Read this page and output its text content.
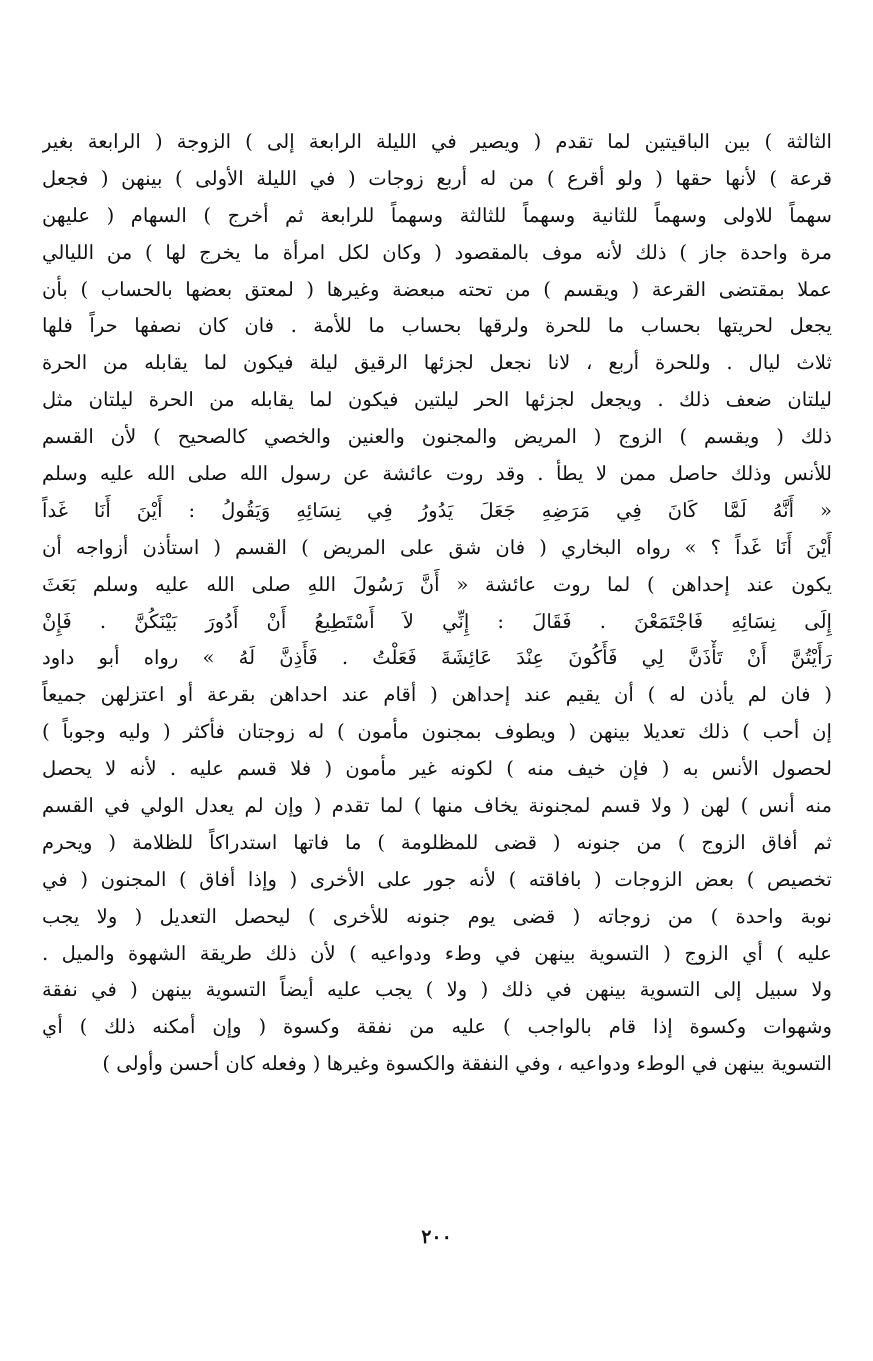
الثالثة ) بين الباقيتين لما تقدم ( ويصير في الليلة الرابعة إلى ) الزوجة ( الرابعة بغير
قرعة ) لأنها حقها ( ولو أقرع ) من له أربع زوجات ( في الليلة الأولى ) بينهن ( فجعل
سهماً للاولى وسهماً للثانية وسهماً للثالثة وسهماً للرابعة ثم أخرج ) السهام ( عليهن
مرة واحدة جاز ) ذلك لأنه موف بالمقصود ( وكان لكل امرأة ما يخرج لها ) من الليالي
عملا بمقتضى القرعة ( ويقسم ) من تحته مبعضة وغيرها ( لمعتق بعضها بالحساب ) بأن
يجعل لحريتها بحساب ما للحرة ولرقها بحساب ما للأمة . فان كان نصفها حراً فلها
ثلاث ليال . وللحرة أربع ، لانا نجعل لجزئها الرقيق ليلة فيكون لما يقابله من الحرة
ليلتان ضعف ذلك . ويجعل لجزئها الحر ليلتين فيكون لما يقابله من الحرة ليلتان مثل
ذلك ( ويقسم ) الزوج ( المريض والمجنون والعنين والخصي كالصحيح ) لأن القسم
للأنس وذلك حاصل ممن لا يطأ . وقد روت عائشة عن رسول الله صلى الله عليه وسلم
« أَنَّهُ لَمَّا كَانَ فِي مَرَضِهِ جَعَلَ يَدُورُ فِي نِسَائِهِ وَيَقُولُ : أَيْنَ أَنَا غَداً
أَيْنَ أَنَا غَداً ؟ » رواه البخاري ( فان شق على المريض ) القسم ( استأذن أزواجه أن
يكون عند إحداهن ) لما روت عائشة « أَنَّ رَسُولَ اللهِ صلى الله عليه وسلم بَعَثَ
إِلَى نِسَائِهِ فَاجْتَمَعْنَ . فَقَالَ : إِنِّي لاَ أَسْتَطِيعُ أَنْ أَدُورَ بَيْنَكُنَّ . فَإِنْ
رَأَيْتُنَّ أَنْ تَأْذَنَّ لِي فَأَكُونَ عِنْدَ عَائِشَةَ فَعَلْتُ . فَأَذِنَّ لَهُ » رواه أبو داود
( فان لم يأذن له ) أن يقيم عند إحداهن ( أقام عند احداهن بقرعة أو اعتزلهن جميعاً
إن أحب ) ذلك تعديلا بينهن ( ويطوف بمجنون مأمون ) له زوجتان فأكثر ( وليه وجوباً )
لحصول الأنس به ( فإن خيف منه ) لكونه غير مأمون ( فلا قسم عليه . لأنه لا يحصل
منه أنس ) لهن ( ولا قسم لمجنونة يخاف منها ) لما تقدم ( وإن لم يعدل الولي في القسم
ثم أفاق الزوج ) من جنونه ( قضى للمظلومة ) ما فاتها استدراكاً للظلامة ( ويحرم
تخصيص ) بعض الزوجات ( بافاقته ) لأنه جور على الأخرى ( وإذا أفاق ) المجنون ( في
نوبة واحدة ) من زوجاته ( قضى يوم جنونه للأخرى ) ليحصل التعديل ( ولا يجب
عليه ) أي الزوج ( التسوية بينهن في وطء ودواعيه ) لأن ذلك طريقة الشهوة والميل .
ولا سبيل إلى التسوية بينهن في ذلك ( ولا ) يجب عليه أيضاً التسوية بينهن ( في نفقة
وشهوات وكسوة إذا قام بالواجب ) عليه من نفقة وكسوة ( وإن أمكنه ذلك ) أي
التسوية بينهن في الوطء ودواعيه ، وفي النفقة والكسوة وغيرها ( وفعله كان أحسن وأولى )
٢٠٠
